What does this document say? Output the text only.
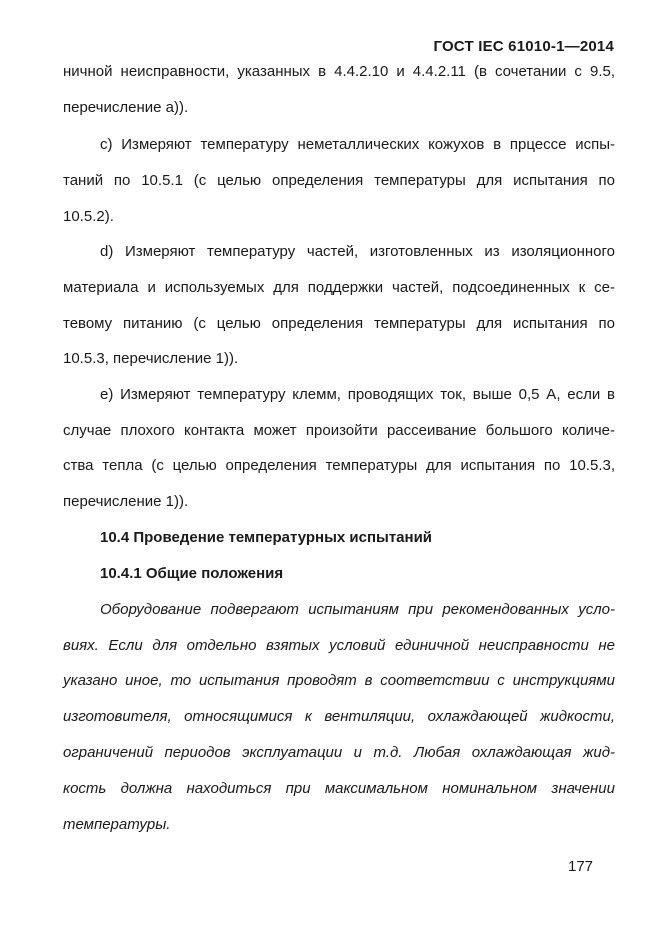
ГОСТ IEC 61010-1—2014
ничной неисправности, указанных в 4.4.2.10 и 4.4.2.11 (в сочетании с 9.5,
перечисление а)).
c) Измеряют температуру неметаллических кожухов в прцессе испы-
таний по 10.5.1 (с целью определения температуры для испытания по
10.5.2).
d) Измеряют температуру частей, изготовленных из изоляционного
материала и используемых для поддержки частей, подсоединенных к се-
тевому питанию (с целью определения температуры для испытания по
10.5.3, перечисление 1)).
e) Измеряют температуру клемм, проводящих ток, выше 0,5 А, если в
случае плохого контакта может произойти рассеивание большого количе-
ства тепла (с целью определения температуры для испытания по 10.5.3,
перечисление 1)).
10.4 Проведение температурных испытаний
10.4.1 Общие положения
Оборудование подвергают испытаниям при рекомендованных усло-
виях. Если для отдельно взятых условий единичной неисправности не
указано иное, то испытания проводят в соответствии с инструкциями
изготовителя, относящимися к вентиляции, охлаждающей жидкости,
ограничений периодов эксплуатации и т.д. Любая охлаждающая жид-
кость должна находиться при максимальном номинальном значении
температуры.
177
